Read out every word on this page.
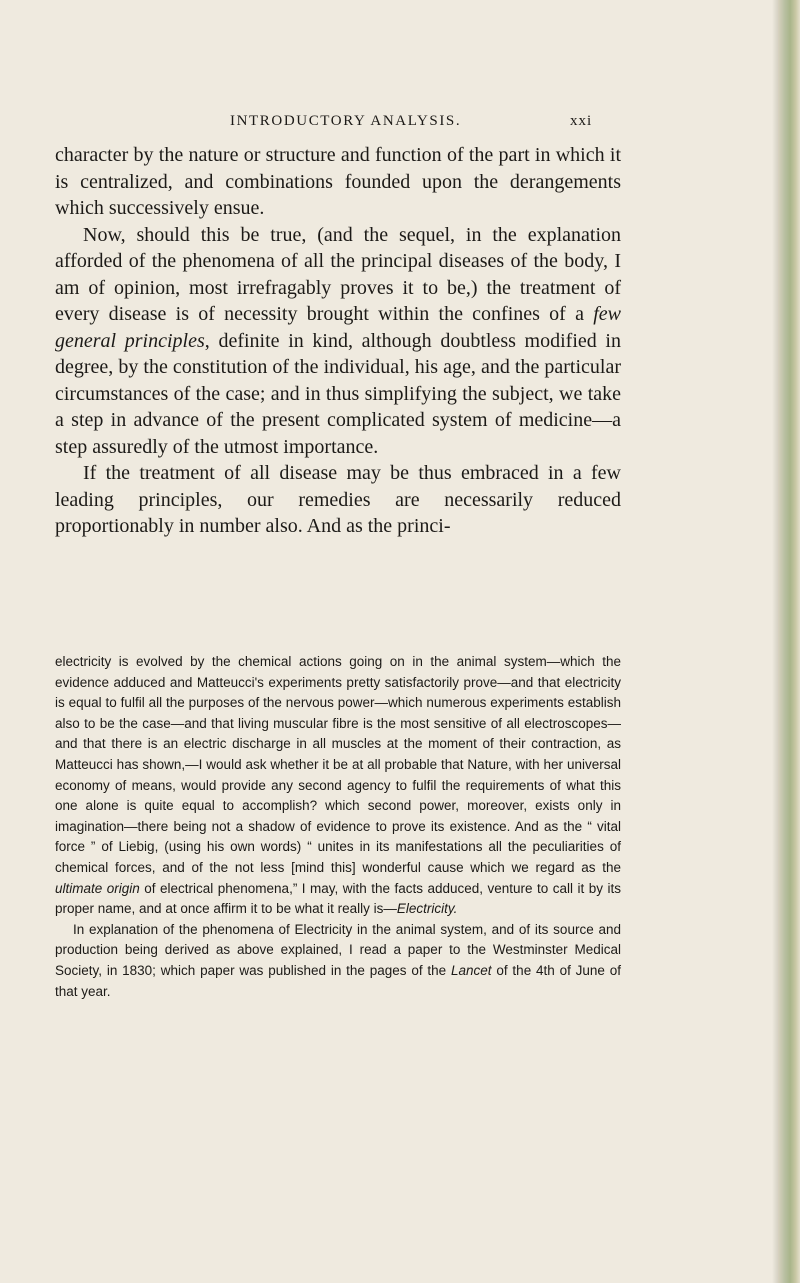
INTRODUCTORY ANALYSIS.	xxi

character by the nature or structure and function of the part in which it is centralized, and combinations founded upon the derangements which successively ensue.

Now, should this be true, (and the sequel, in the explanation afforded of the phenomena of all the principal diseases of the body, I am of opinion, most irrefragably proves it to be,) the treatment of every disease is of necessity brought within the confines of a few general principles, definite in kind, although doubtless modified in degree, by the constitution of the individual, his age, and the particular circumstances of the case; and in thus simplifying the subject, we take a step in advance of the present complicated system of medicine—a step assuredly of the utmost importance.

If the treatment of all disease may be thus embraced in a few leading principles, our remedies are necessarily reduced proportionably in number also. And as the princi-

electricity is evolved by the chemical actions going on in the animal system—which the evidence adduced and Matteucci's experiments pretty satisfactorily prove—and that electricity is equal to fulfil all the purposes of the nervous power—which numerous experiments establish also to be the case—and that living muscular fibre is the most sensitive of all electroscopes—and that there is an electric discharge in all muscles at the moment of their contraction, as Matteucci has shown,—I would ask whether it be at all probable that Nature, with her universal economy of means, would provide any second agency to fulfil the requirements of what this one alone is quite equal to accomplish? which second power, moreover, exists only in imagination—there being not a shadow of evidence to prove its existence. And as the “ vital force ” of Liebig, (using his own words) “ unites in its manifestations all the peculiarities of chemical forces, and of the not less [mind this] wonderful cause which we regard as the ultimate origin of electrical phenomena,” I may, with the facts adduced, venture to call it by its proper name, and at once affirm it to be what it really is—Electricity.

In explanation of the phenomena of Electricity in the animal system, and of its source and production being derived as above explained, I read a paper to the Westminster Medical Society, in 1830; which paper was published in the pages of the Lancet of the 4th of June of that year.
